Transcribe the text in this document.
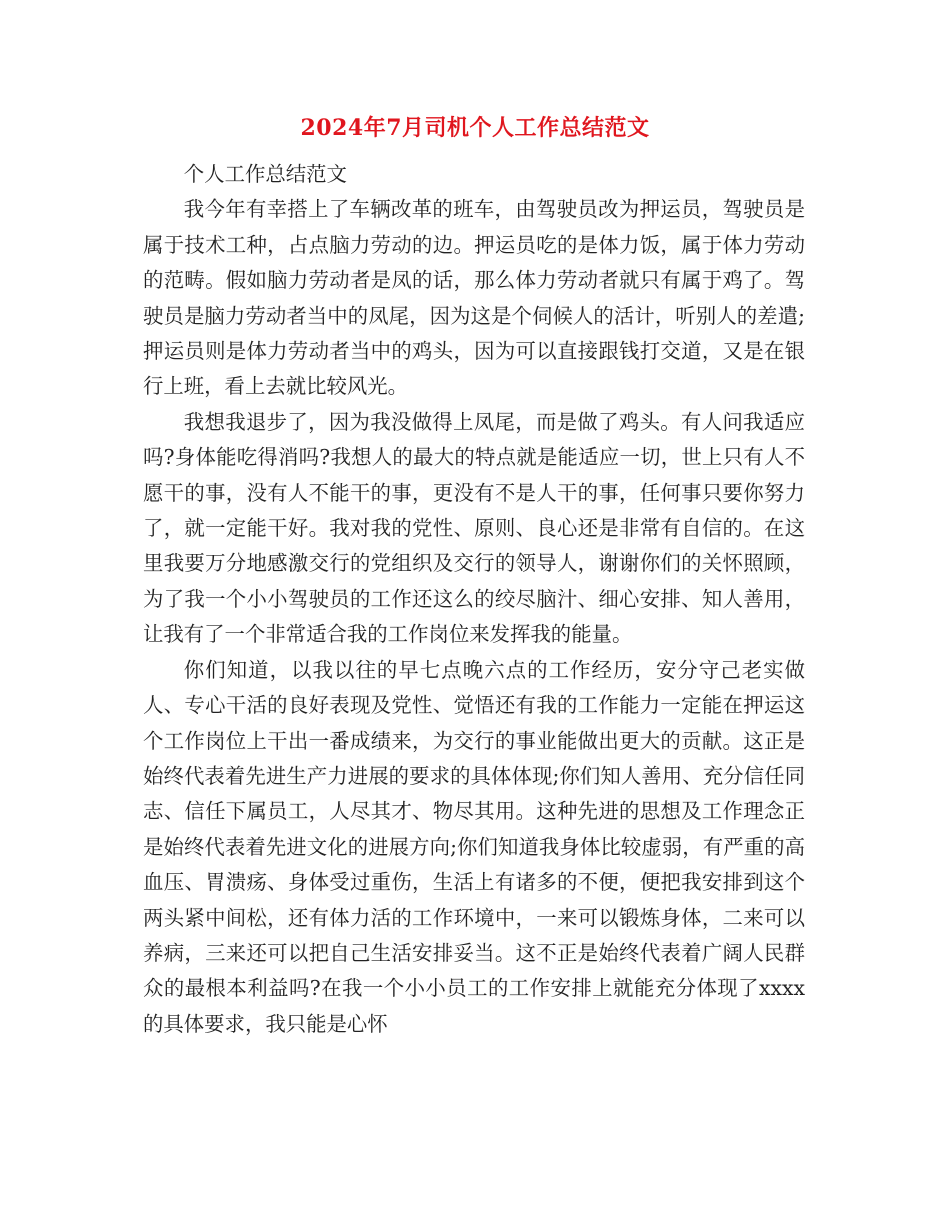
2024年7月司机个人工作总结范文

个人工作总结范文

我今年有幸搭上了车辆改革的班车，由驾驶员改为押运员，驾驶员是属于技术工种，占点脑力劳动的边。押运员吃的是体力饭，属于体力劳动的范畴。假如脑力劳动者是凤的话，那么体力劳动者就只有属于鸡了。驾驶员是脑力劳动者当中的凤尾，因为这是个伺候人的活计，听别人的差遣;押运员则是体力劳动者当中的鸡头，因为可以直接跟钱打交道，又是在银行上班，看上去就比较风光。

我想我退步了，因为我没做得上凤尾，而是做了鸡头。有人问我适应吗?身体能吃得消吗?我想人的最大的特点就是能适应一切，世上只有人不愿干的事，没有人不能干的事，更没有不是人干的事，任何事只要你努力了，就一定能干好。我对我的党性、原则、良心还是非常有自信的。在这里我要万分地感激交行的党组织及交行的领导人，谢谢你们的关怀照顾，为了我一个小小驾驶员的工作还这么的绞尽脑汁、细心安排、知人善用，让我有了一个非常适合我的工作岗位来发挥我的能量。

你们知道，以我以往的早七点晚六点的工作经历，安分守己老实做人、专心干活的良好表现及党性、觉悟还有我的工作能力一定能在押运这个工作岗位上干出一番成绩来，为交行的事业能做出更大的贡献。这正是始终代表着先进生产力进展的要求的具体体现;你们知人善用、充分信任同志、信任下属员工，人尽其才、物尽其用。这种先进的思想及工作理念正是始终代表着先进文化的进展方向;你们知道我身体比较虚弱，有严重的高血压、胃溃疡、身体受过重伤，生活上有诸多的不便，便把我安排到这个两头紧中间松，还有体力活的工作环境中，一来可以锻炼身体，二来可以养病，三来还可以把自己生活安排妥当。这不正是始终代表着广阔人民群众的最根本利益吗?在我一个小小员工的工作安排上就能充分体现了xxxx的具体要求，我只能是心怀
